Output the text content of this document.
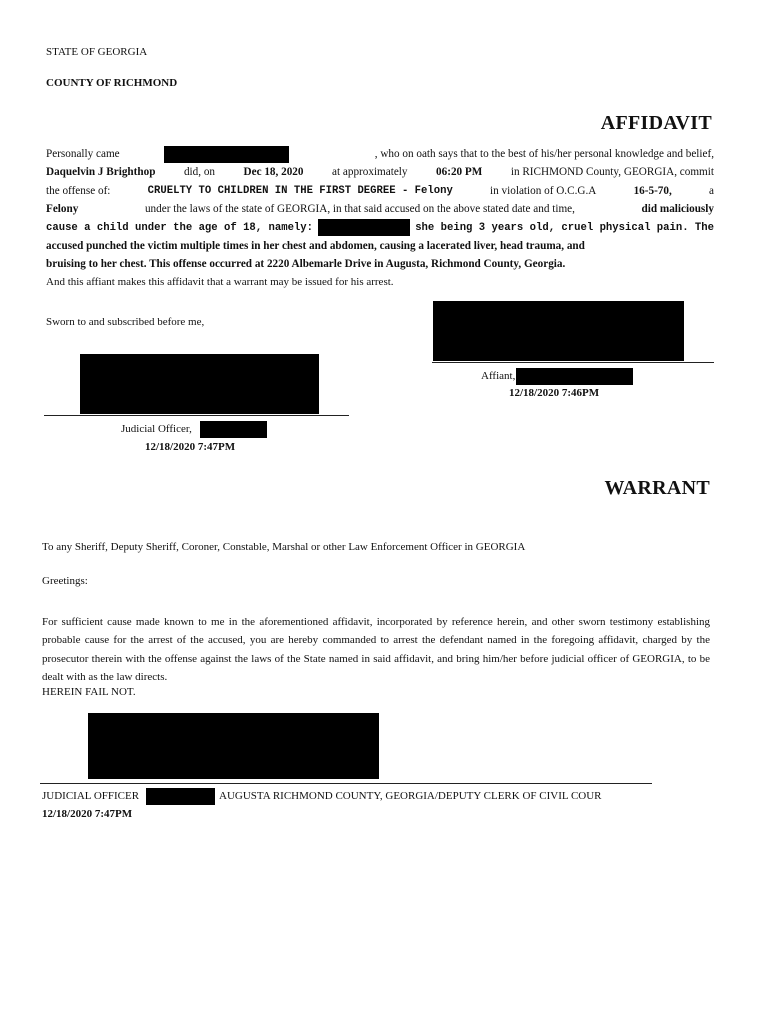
STATE OF GEORGIA
COUNTY OF RICHMOND
AFFIDAVIT
Personally came	, who on oath says that to the best of his/her personal knowledge and belief,
Daquelvin J Brighthop	did, on	Dec 18, 2020	at approximately	06:20 PM	in RICHMOND County, GEORGIA, commit
the offense of:	CRUELTY TO CHILDREN IN THE FIRST DEGREE - Felony	in violation of O.C.G.A	16-5-70,	a
Felony	under the laws of the state of GEORGIA, in that said accused on the above stated date and time,	did maliciously
cause a child under the age of 18, namely:	she being 3 years old, cruel physical pain. The
accused punched the victim multiple times in her chest and abdomen, causing a lacerated liver, head trauma, and
bruising to her chest. This offense occurred at 2220 Albemarle Drive in Augusta, Richmond County, Georgia.
And this affiant makes this affidavit that a warrant may be issued for his arrest.
Sworn to and subscribed before me,
Affiant,
12/18/2020 7:46PM
Judicial Officer,
12/18/2020 7:47PM
WARRANT
To any Sheriff, Deputy Sheriff, Coroner, Constable, Marshal or other Law Enforcement Officer in GEORGIA
Greetings:
For sufficient cause made known to me in the aforementioned affidavit, incorporated by reference herein, and other sworn testimony establishing probable cause for the arrest of the accused, you are hereby commanded to arrest the defendant named in the foregoing affidavit, charged by the prosecutor therein with the offense against the laws of the State named in said affidavit, and bring him/her before judicial officer of GEORGIA, to be dealt with as the law directs.
HEREIN FAIL NOT.
JUDICIAL OFFICER	AUGUSTA RICHMOND COUNTY, GEORGIA/DEPUTY CLERK OF CIVIL COUR
12/18/2020 7:47PM
